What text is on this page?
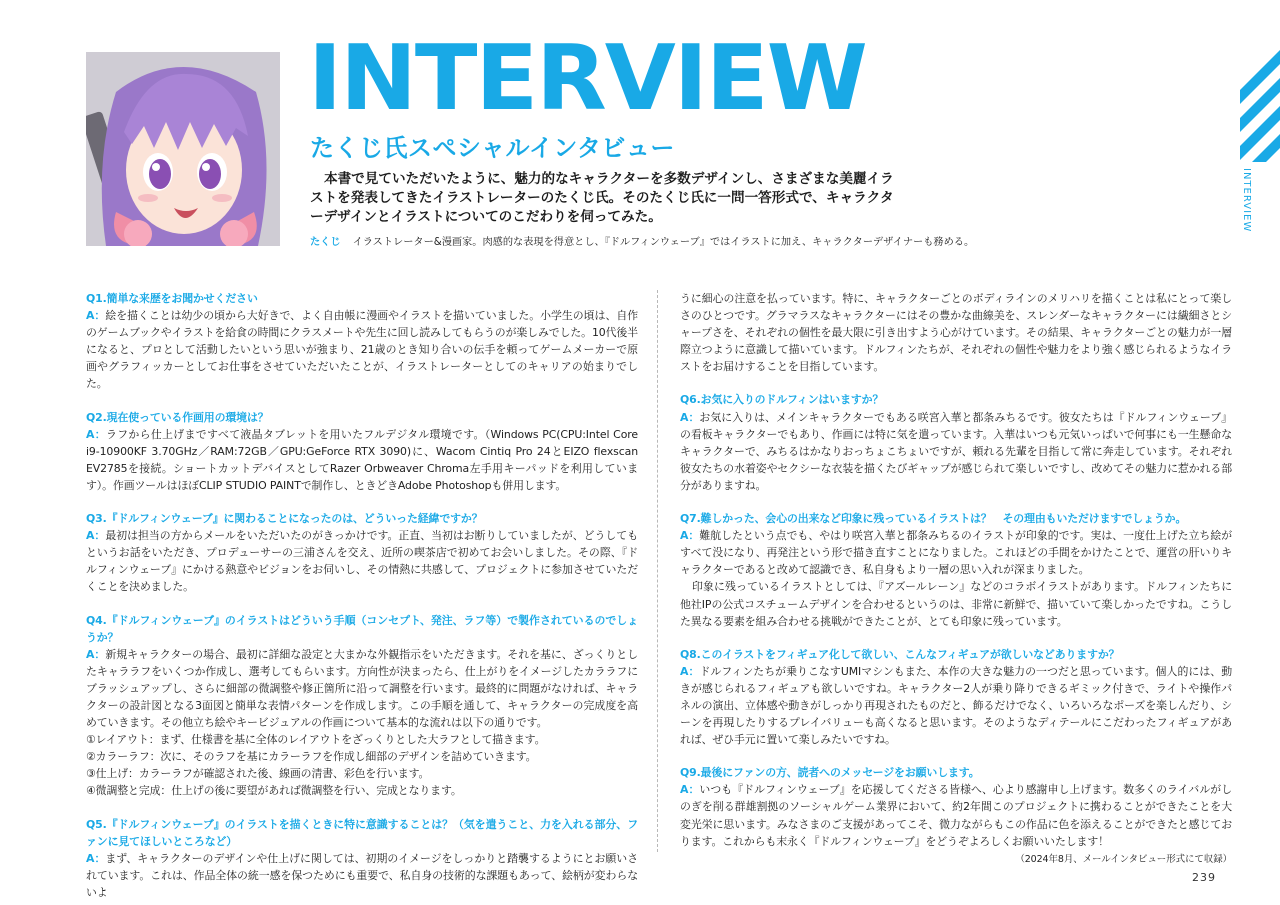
INTERVIEW
たくじ氏スペシャルインタビュー

本書で見ていただいたように、魅力的なキャラクターを多数デザインし、さまざまな美麗イラストを発表してきたイラストレーターのたくじ氏。そのたくじ氏に一問一答形式で、キャラクターデザインとイラストについてのこだわりを伺ってみた。

たくじ イラストレーター&漫画家。肉感的な表現を得意とし、『ドルフィンウェーブ』ではイラストに加え、キャラクターデザイナーも務める。
INTERVIEW

Q1.簡単な来歴をお聞かせください

A：絵を描くことは幼少の頃から大好きで、よく自由帳に漫画やイラストを描いていました。小学生の頃は、自作のゲームブックやイラストを給食の時間にクラスメートや先生に回し読みしてもらうのが楽しみでした。10代後半になると、プロとして活動したいという思いが強まり、21歳のとき知り合いの伝手を頼ってゲームメーカーで原画やグラフィッカーとしてお仕事をさせていただいたことが、イラストレーターとしてのキャリアの始まりでした。

Q2.現在使っている作画用の環境は？

A：ラフから仕上げまですべて液晶タブレットを用いたフルデジタル環境です。（Windows PC(CPU:Intel Core i9-10900KF 3.70GHz／RAM:72GB／GPU:GeForce RTX 3090)に、Wacom Cintiq Pro 24とEIZO flexscan EV2785を接続。ショートカットデバイスとしてRazer Orbweaver Chroma左手用キーパッドを利用しています）。作画ツールはほぼCLIP STUDIO PAINTで制作し、ときどきAdobe Photoshopも併用します。

Q3.『ドルフィンウェーブ』に関わることになったのは、どういった経緯ですか？

A：最初は担当の方からメールをいただいたのがきっかけです。正直、当初はお断りしていましたが、どうしてもというお話をいただき、プロデューサーの三浦さんを交え、近所の喫茶店で初めてお会いしました。その際、『ドルフィンウェーブ』にかける熱意やビジョンをお伺いし、その情熱に共感して、プロジェクトに参加させていただくことを決めました。

Q4.『ドルフィンウェーブ』のイラストはどういう手順（コンセプト、発注、ラフ等）で製作されているのでしょうか？

A：新規キャラクターの場合、最初に詳細な設定と大まかな外観指示をいただきます。それを基に、ざっくりとしたキャララフをいくつか作成し、選考してもらいます。方向性が決まったら、仕上がりをイメージしたカララフにブラッシュアップし、さらに細部の微調整や修正箇所に沿って調整を行います。最終的に問題がなければ、キャラクターの設計図となる3面図と簡単な表情パターンを作成します。この手順を通して、キャラクターの完成度を高めていきます。その他立ち絵やキービジュアルの作画について基本的な流れは以下の通りです。

①レイアウト：まず、仕様書を基に全体のレイアウトをざっくりとした大ラフとして描きます。

②カラーラフ：次に、そのラフを基にカラーラフを作成し細部のデザインを詰めていきます。

③仕上げ：カラーラフが確認された後、線画の清書、彩色を行います。

④微調整と完成：仕上げの後に要望があれば微調整を行い、完成となります。

Q5.『ドルフィンウェーブ』のイラストを描くときに特に意識することは？（気を遣うこと、力を入れる部分、ファンに見てほしいところなど）

A：まず、キャラクターのデザインや仕上げに関しては、初期のイメージをしっかりと踏襲するようにとお願いされています。これは、作品全体の統一感を保つためにも重要で、私自身の技術的な課題もあって、絵柄が変わらないよ

うに細心の注意を払っています。特に、キャラクターごとのボディラインのメリハリを描くことは私にとって楽しさのひとつです。グラマラスなキャラクターにはその豊かな曲線美を、スレンダーなキャラクターには繊細さとシャープさを、それぞれの個性を最大限に引き出すよう心がけています。その結果、キャラクターごとの魅力が一層際立つように意識して描いています。ドルフィンたちが、それぞれの個性や魅力をより強く感じられるようなイラストをお届けすることを目指しています。

Q6.お気に入りのドルフィンはいますか？

A：お気に入りは、メインキャラクターでもある咲宮入華と都条みちるです。彼女たちは『ドルフィンウェーブ』の看板キャラクターでもあり、作画には特に気を遣っています。入華はいつも元気いっぱいで何事にも一生懸命なキャラクターで、みちるはかなりおっちょこちょいですが、頼れる先輩を目指して常に奔走しています。それぞれ彼女たちの水着姿やセクシーな衣装を描くたびギャップが感じられて楽しいですし、改めてその魅力に惹かれる部分がありますね。

Q7.難しかった、会心の出来など印象に残っているイラストは？　その理由もいただけますでしょうか。

A：難航したという点でも、やはり咲宮入華と都条みちるのイラストが印象的です。実は、一度仕上げた立ち絵がすべて没になり、再発注という形で描き直すことになりました。これほどの手間をかけたことで、運営の肝いりキャラクターであると改めて認識でき、私自身もより一層の思い入れが深まりました。

印象に残っているイラストとしては、『アズールレーン』などのコラボイラストがあります。ドルフィンたちに他社IPの公式コスチュームデザインを合わせるというのは、非常に新鮮で、描いていて楽しかったですね。こうした異なる要素を組み合わせる挑戦ができたことが、とても印象に残っています。

Q8.このイラストをフィギュア化して欲しい、こんなフィギュアが欲しいなどありますか？

A：ドルフィンたちが乗りこなすUMIマシンもまた、本作の大きな魅力の一つだと思っています。個人的には、動きが感じられるフィギュアも欲しいですね。キャラクター2人が乗り降りできるギミック付きで、ライトや操作パネルの演出、立体感や動きがしっかり再現されたものだと、飾るだけでなく、いろいろなポーズを楽しんだり、シーンを再現したりするプレイバリューも高くなると思います。そのようなディテールにこだわったフィギュアがあれば、ぜひ手元に置いて楽しみたいですね。

Q9.最後にファンの方、読者へのメッセージをお願いします。

A：いつも『ドルフィンウェーブ』を応援してくださる皆様へ、心より感謝申し上げます。数多くのライバルがしのぎを削る群雄割拠のソーシャルゲーム業界において、約2年間このプロジェクトに携わることができたことを大変光栄に思います。みなさまのご支援があってこそ、微力ながらもこの作品に色を添えることができたと感じております。これからも末永く『ドルフィンウェーブ』をどうぞよろしくお願いいたします！

（2024年8月、メールインタビュー形式にて収録）

239
